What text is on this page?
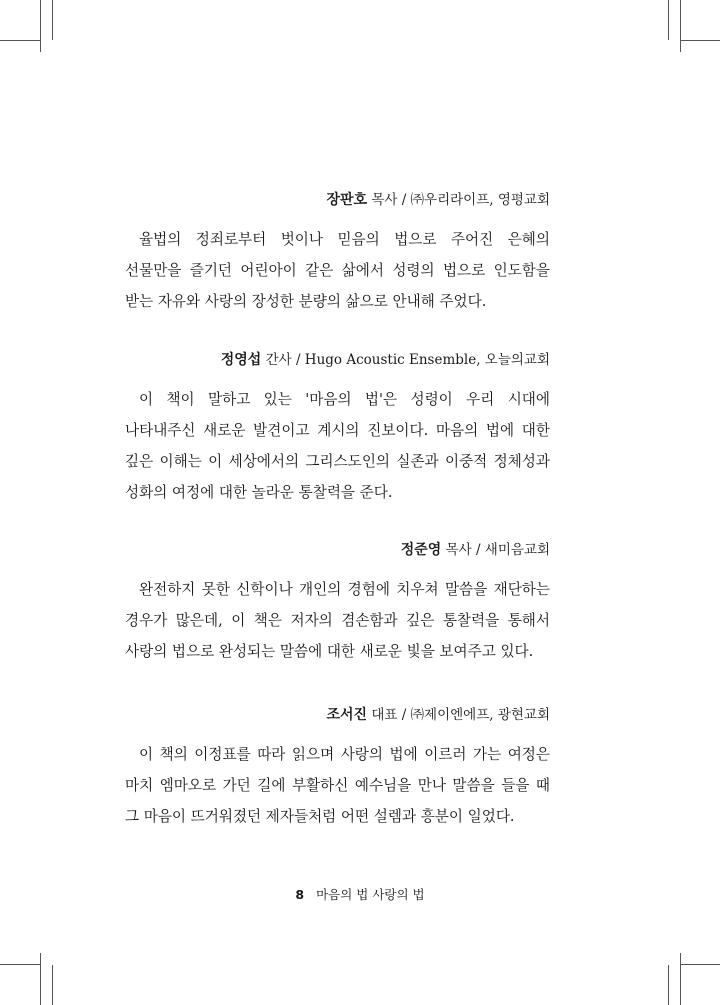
장판호 목사 / ㈜우리라이프, 영평교회
율법의 정죄로부터 벗이나 믿음의 법으로 주어진 은혜의 선물만을 즐기던 어린아이 같은 삶에서 성령의 법으로 인도함을 받는 자유와 사랑의 장성한 분량의 삶으로 안내해 주었다.
정영섭 간사 / Hugo Acoustic Ensemble, 오늘의교회
이 책이 말하고 있는 '마음의 법'은 성령이 우리 시대에 나타내주신 새로운 발견이고 계시의 진보이다. 마음의 법에 대한 깊은 이해는 이 세상에서의 그리스도인의 실존과 이중적 정체성과 성화의 여정에 대한 놀라운 통찰력을 준다.
정준영 목사 / 새미음교회
완전하지 못한 신학이나 개인의 경험에 치우쳐 말씀을 재단하는 경우가 많은데, 이 책은 저자의 겸손함과 깊은 통찰력을 통해서 사랑의 법으로 완성되는 말씀에 대한 새로운 빛을 보여주고 있다.
조서진 대표 / ㈜제이엔에프, 광현교회
이 책의 이정표를 따라 읽으며 사랑의 법에 이르러 가는 여정은 마치 엠마오로 가던 길에 부활하신 예수님을 만나 말씀을 들을 때 그 마음이 뜨거워졌던 제자들처럼 어떤 설렘과 흥분이 일었다.
8 마음의 법 사랑의 법
